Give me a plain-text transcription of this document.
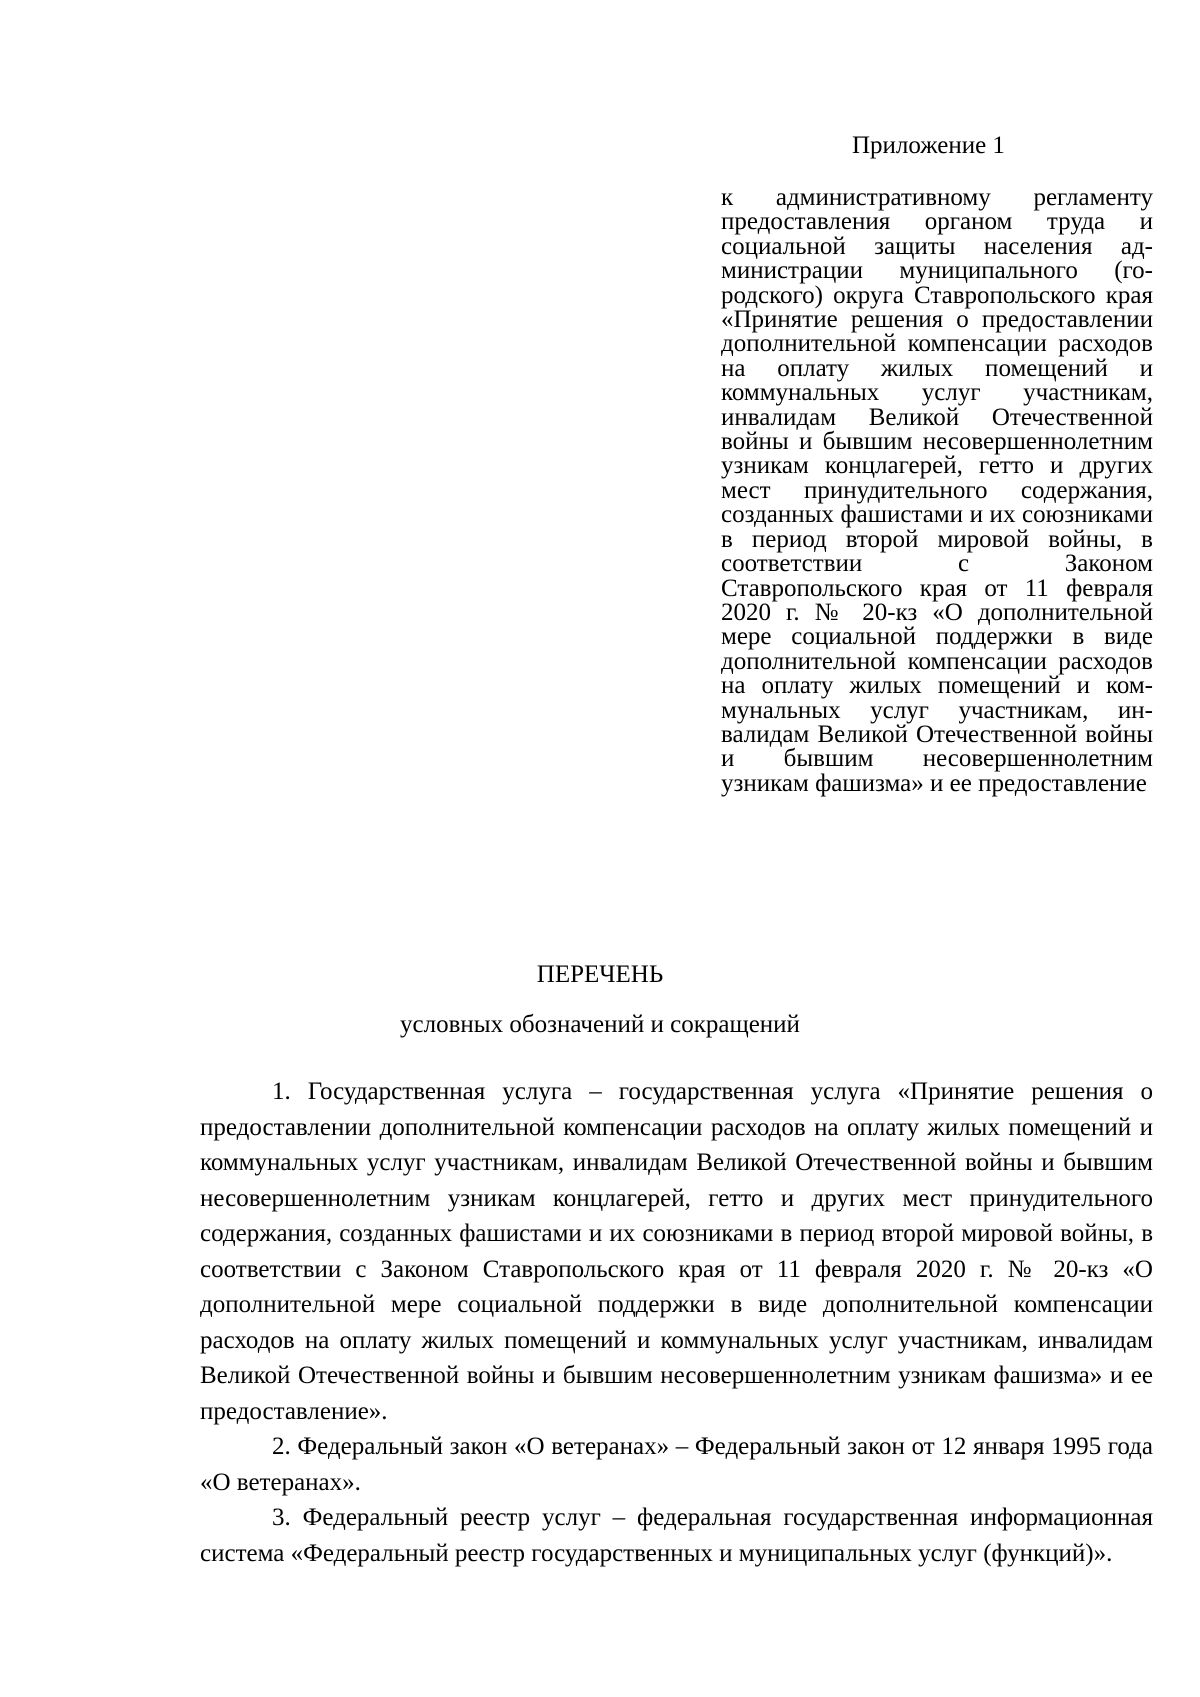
Приложение 1

к административному регламенту предоставления органом труда и социальной защиты населения администрации муниципального (городского) округа Ставропольского края «Принятие решения о предоставлении дополнительной компенсации расходов на оплату жилых помещений и коммунальных услуг участникам, инвалидам Великой Отечественной войны и бывшим несовершеннолетним узникам концлагерей, гетто и других мест принудительного содержания, созданных фашистами и их союзниками в период второй мировой войны, в соответствии с Законом Ставропольского края от 11 февраля 2020 г. № 20-кз «О дополнительной мере социальной поддержки в виде дополнительной компенсации расходов на оплату жилых помещений и коммунальных услуг участникам, инвалидам Великой Отечественной войны и бывшим несовершеннолетним узникам фашизма» и ее предоставление

ПЕРЕЧЕНЬ

условных обозначений и сокращений

1. Государственная услуга – государственная услуга «Принятие решения о предоставлении дополнительной компенсации расходов на оплату жилых помещений и коммунальных услуг участникам, инвалидам Великой Отечественной войны и бывшим несовершеннолетним узникам концлагерей, гетто и других мест принудительного содержания, созданных фашистами и их союзниками в период второй мировой войны, в соответствии с Законом Ставропольского края от 11 февраля 2020 г. № 20-кз «О дополнительной мере социальной поддержки в виде дополнительной компенсации расходов на оплату жилых помещений и коммунальных услуг участникам, инвалидам Великой Отечественной войны и бывшим несовершеннолетним узникам фашизма» и ее предоставление».

2. Федеральный закон «О ветеранах» – Федеральный закон от 12 января 1995 года «О ветеранах».

3. Федеральный реестр услуг – федеральная государственная информационная система «Федеральный реестр государственных и муниципальных услуг (функций)».
